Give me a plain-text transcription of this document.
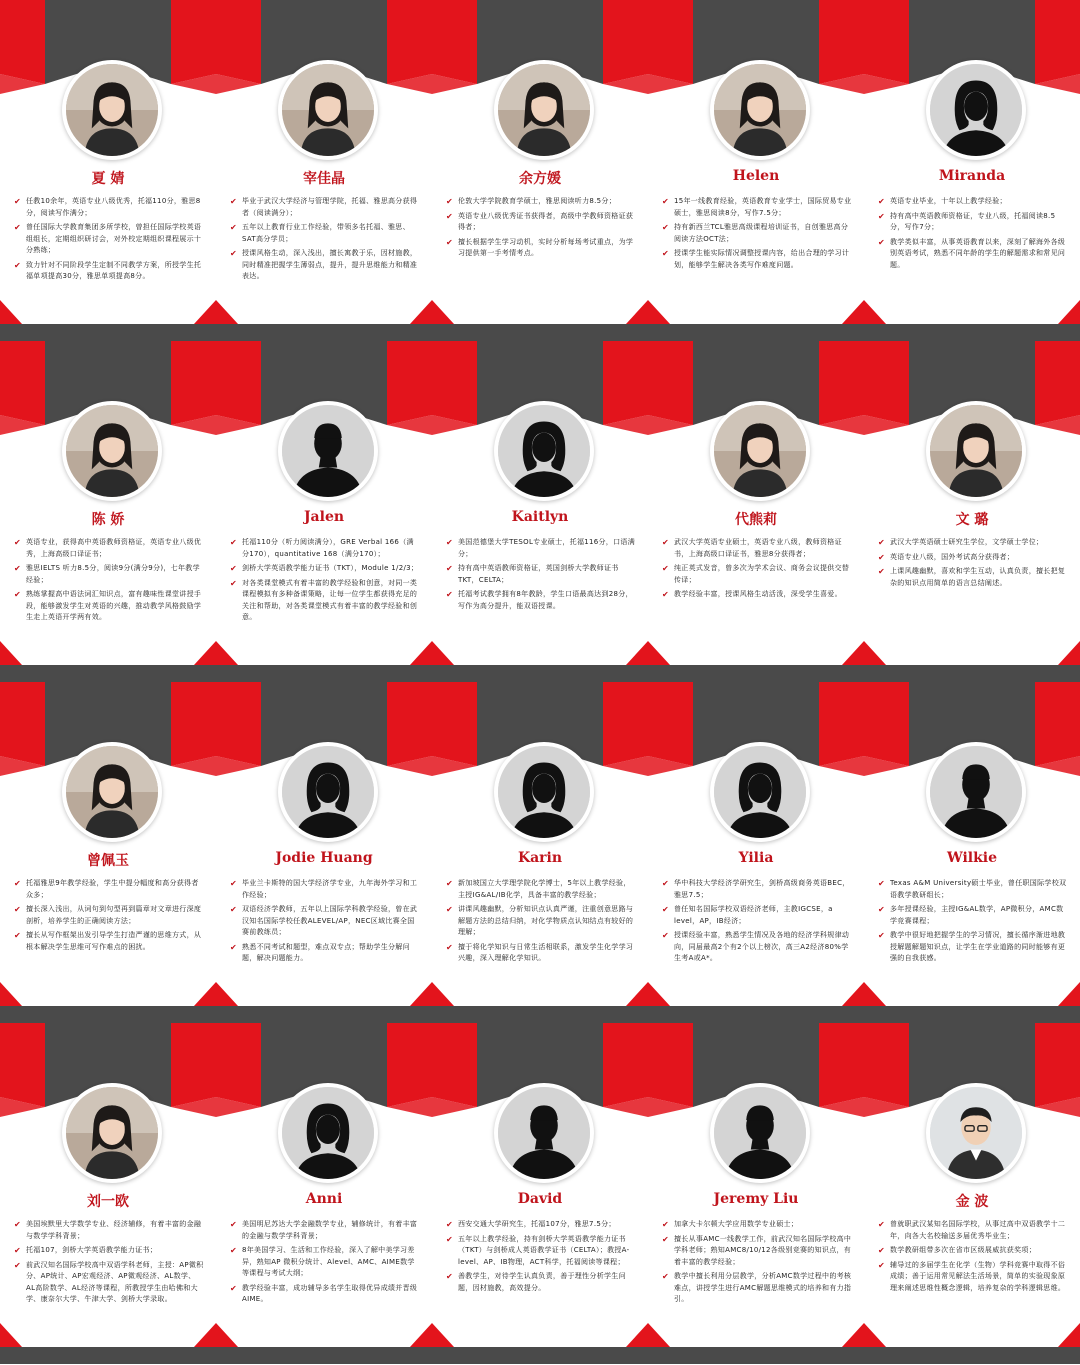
夏 婧
✔ 任教10余年，英语专业八级优秀，托福110分，雅思8分，阅读写作满分；
✔ 曾任国际大学教育集团多所学校，曾担任国际学校英语组组长，定期组织研讨会，对外校定期组织课程展示十分熟练；
✔ 致力针对不同阶段学生定制不同教学方案，所授学生托福单项提高30分，雅思单项提高8分。
宰佳晶
✔ 毕业于武汉大学经济与管理学院，托福、雅思高分获得者（阅读满分）；
✔ 五年以上教育行业工作经验，带领多名托福、雅思、SAT高分学员；
✔ 授课风格生动，深入浅出，擅长寓教于乐，因材施教，同时精准把握学生薄弱点，提升，提升思维能力和精准表达。
余方媛
✔ 伦敦大学学院教育学硕士，雅思阅读听力8.5分；
✔ 英语专业八级优秀证书获得者，高级中学教师资格证获得者；
✔ 擅长根据学生学习动机，实时分析每场考试重点，为学习提供第一手考情考点。
Helen
✔ 15年一线教育经验，英语教育专业学士，国际贸易专业硕士，雅思阅读8分，写作7.5分；
✔ 持有新西兰TCL雅思高级课程培训证书，自创雅思高分阅读方法OCT法；
✔ 授课学生能实际情况调整授课内容，给出合理的学习计划，能够学生解决各类写作难度问题。
Miranda
✔ 英语专业毕业，十年以上教学经验；
✔ 持有高中英语教师资格证，专业八级，托福阅读8.5分，写作7分；
✔ 教学类似丰富，从事英语教育以来，深刻了解海外各级别英语考试，熟悉不同年龄的学生的解题需求和常见问题。
陈 娇
✔ 英语专业，获得高中英语教师资格证，英语专业八级优秀，上海高级口译证书；
✔ 雅思IELTS 听力8.5分，阅读9分(满分9分)，七年教学经验；
✔ 熟练掌握高中语法词汇知识点，富有趣味性课堂讲授手段，能够激发学生对英语的兴趣，推动教学风格鼓励学生走上英语开学两有效。
Jalen
✔ 托福110分（听力阅读满分），GRE Verbal 166（满分170），quantitative 168（满分170）；
✔ 剑桥大学英语教学能力证书（TKT），Module 1/2/3；
✔ 对各类课堂模式有着丰富的教学经验和创意，对同一类课程模拟有多种备课策略，让每一位学生都获得充足的关注和帮助，对各类课堂模式有着丰富的教学经验和创意。
Kaitlyn
✔ 美国范德堡大学TESOL专业硕士，托福116分，口语满分；
✔ 持有高中英语教师资格证，英国剑桥大学教师证书TKT，CELTA；
✔ 托福考试教学拥有8年教龄，学生口语最高达到28分，写作为高分提升，能双语授课。
代熊莉
✔ 武汉大学英语专业硕士，英语专业八级，教师资格证书，上海高级口译证书，雅思8分获得者；
✔ 纯正英式发音，曾多次为学术会议、商务会议提供交替传译；
✔ 教学经验丰富，授课风格生动活泼，深受学生喜爱。
文 璐
✔ 武汉大学英语硕士研究生学位，文学硕士学位；
✔ 英语专业八级，国外考试高分获得者；
✔ 上课风趣幽默，喜欢和学生互动，认真负责，擅长把复杂的知识点用简单的语言总结阐述。
曾佩玉
✔ 托福雅思9年教学经验，学生中提分幅度和高分获得者众多；
✔ 擅长深入浅出，从词句到句型再到篇章对文章进行深度剖析，培养学生的正确阅读方法；
✔ 擅长从写作框架出发引导学生打造严谨的思维方式，从根本解决学生思维可写作难点的困扰。
Jodie Huang
✔ 毕业兰卡斯特的国大学经济学专业，九年海外学习和工作经验；
✔ 双语经济学教师，五年以上国际学科教学经验，曾在武汉知名国际学校任教ALEVEL/AP，NEC区域比赛全国赛前教练员；
✔ 熟悉不同考试和题型，难点双专点；帮助学生分解问题，解决问题能力。
Karin
✔ 新加坡国立大学理学院化学博士，5年以上教学经验，主授IG&AL/IB化学，具备丰富的教学经验；
✔ 讲课风趣幽默，分析知识点认真严谨，注重创意思路与解题方法的总结归纳，对化学物质点认知结点有较好的理解；
✔ 擅于将化学知识与日常生活相联系，激发学生化学学习兴趣，深入理解化学知识。
Yilia
✔ 华中科技大学经济学研究生，剑桥高级商务英语BEC，雅思7.5；
✔ 曾任知名国际学校双语经济老师，主教IGCSE，a level，AP，IB经济；
✔ 授课经验丰富，熟悉学生情况及各地的经济学科规律动向，同届最高2个有2个以上榜次，高三A2经济80%学生考A或A*。
Wilkie
✔ Texas A&M University硕士毕业，曾任职国际学校双语教学教研组长；
✔ 多年授课经验，主授IG&AL数学，AP微积分，AMC数学竞赛课程；
✔ 教学中很好地把握学生的学习情况，擅长循序渐进地教授解题解题知识点，让学生在学业道路的同时能够有更强的自我获感。
刘一欧
✔ 美国埃默里大学数学专业、经济辅修，有着丰富的金融与数学学科背景；
✔ 托福107，剑桥大学英语教学能力证书；
✔ 前武汉知名国际学校高中双语学科老师，主授：AP微积分、AP统计、AP宏观经济、AP微观经济、AL数学、AL高阶数学、AL经济等课程，所教授学生由哈佛和大学、康奈尔大学、牛津大学、剑桥大学录取。
Anni
✔ 美国明尼苏达大学金融数学专业，辅修统计，有着丰富的金融与数学学科背景；
✔ 8年美国学习、生活和工作经验，深入了解中美学习差异，熟知AP 微积分统计、Alevel、AMC、AIME数学等课程与考试大纲；
✔ 教学经验丰富，成功辅导多名学生取得优异成绩并晋级AIME。
David
✔ 西安交通大学研究生，托福107分，雅思7.5分；
✔ 五年以上教学经验，持有剑桥大学英语教学能力证书（TKT）与剑桥成人英语教学证书（CELTA）；教授A-level、AP、IB物理，ACT科学，托福阅读等课程；
✔ 善教学生，对待学生认真负责，善于理性分析学生问题，因材施教，高效提分。
Jeremy Liu
✔ 加拿大卡尔顿大学应用数学专业硕士；
✔ 擅长从事AMC一线教学工作，前武汉知名国际学校高中学科老师；熟知AMC8/10/12各级别竞赛的知识点，有着丰富的教学经验；
✔ 教学中擅长利用分层教学，分析AMC数学过程中的考核难点，讲授学生进行AMC解题思维模式的培养和有力指引。
金 波
✔ 曾就职武汉某知名国际学校，从事过高中双语教学十二年，向各大名校输送多届优秀毕业生；
✔ 数学教研组带多次在省市区级展威抗获奖项；
✔ 辅导过的多届学生在化学（生物）学科竞赛中取得不俗成绩；善于运用常见解法生活场景，简单的实验现象原理来阐述思维性概念逻辑，培养复杂的学科逻辑思维。
